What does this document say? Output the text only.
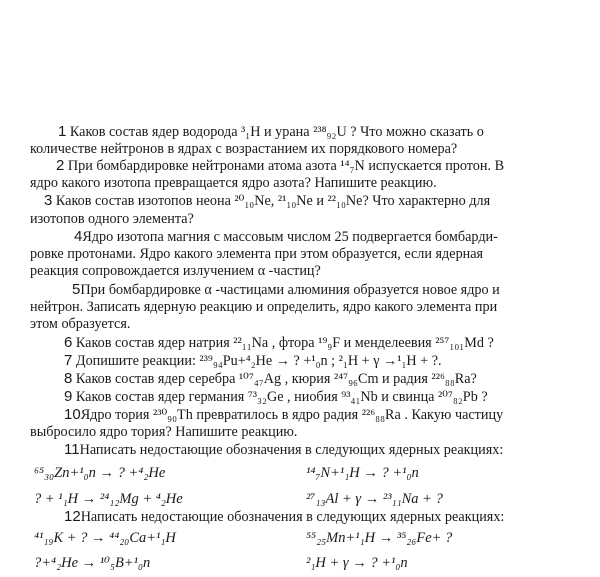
1 Каков состав ядер водорода ³₁H и урана ²³⁸₉₂U ? Что можно сказать о
количестве нейтронов в ядрах с возрастанием их порядкового номера?
2 При бомбардировке нейтронами атома азота ¹⁴₇N испускается протон. В
ядро какого изотопа превращается ядро азота? Напишите реакцию.
3 Каков состав изотопов неона ²⁰₁₀Ne, ²¹₁₀Ne и ²²₁₀Ne? Что характерно для
изотопов одного элемента?
4Ядро изотопа магния с массовым числом 25 подвергается бомбарди-
ровке протонами. Ядро какого элемента при этом образуется, если ядерная
реакция сопровождается излучением α -частиц?
5При бомбардировке α -частицами алюминия образуется новое ядро и
нейтрон. Записать ядерную реакцию и определить, ядро какого элемента при
этом образуется.
6 Каков состав ядер натрия ²²₁₁Na , фтора ¹⁹₉F и менделеевия ²⁵⁷₁₀₁Md ?
7 Допишите реакции: ²³⁹₉₄Pu+⁴₂He → ? +¹₀n ; ²₁H + γ →¹₁H + ?.
8 Каков состав ядер серебра ¹⁰⁷₄₇Ag , кюрия ²⁴⁷₉₆Cm и радия ²²⁶₈₈Ra?
9 Каков состав ядер германия ⁷³₃₂Ge , ниобия ⁹³₄₁Nb и свинца ²⁰⁷₈₂Pb ?
10Ядро тория ²³⁰₉₀Th превратилось в ядро радия ²²⁶₈₈Ra . Какую частицу
выбросило ядро тория? Напишите реакцию.
11Написать недостающие обозначения в следующих ядерных реакциях:
⁶⁵₃₀Zn+¹₀n → ? +⁴₂He	¹⁴₇N+¹₁H → ? +¹₀n
? + ¹₁H → ²⁴₁₂Mg + ⁴₂He	²⁷₁₃Al + γ → ²³₁₁Na + ?
12Написать недостающие обозначения в следующих ядерных реакциях:
⁴¹₁₉K + ? → ⁴⁴₂₀Ca+¹₁H	⁵⁵₂₅Mn+¹₁H → ³⁵₂₆Fe+ ?
?+⁴₂He → ¹⁰₅B+¹₀n	²₁H + γ → ? +¹₀n
